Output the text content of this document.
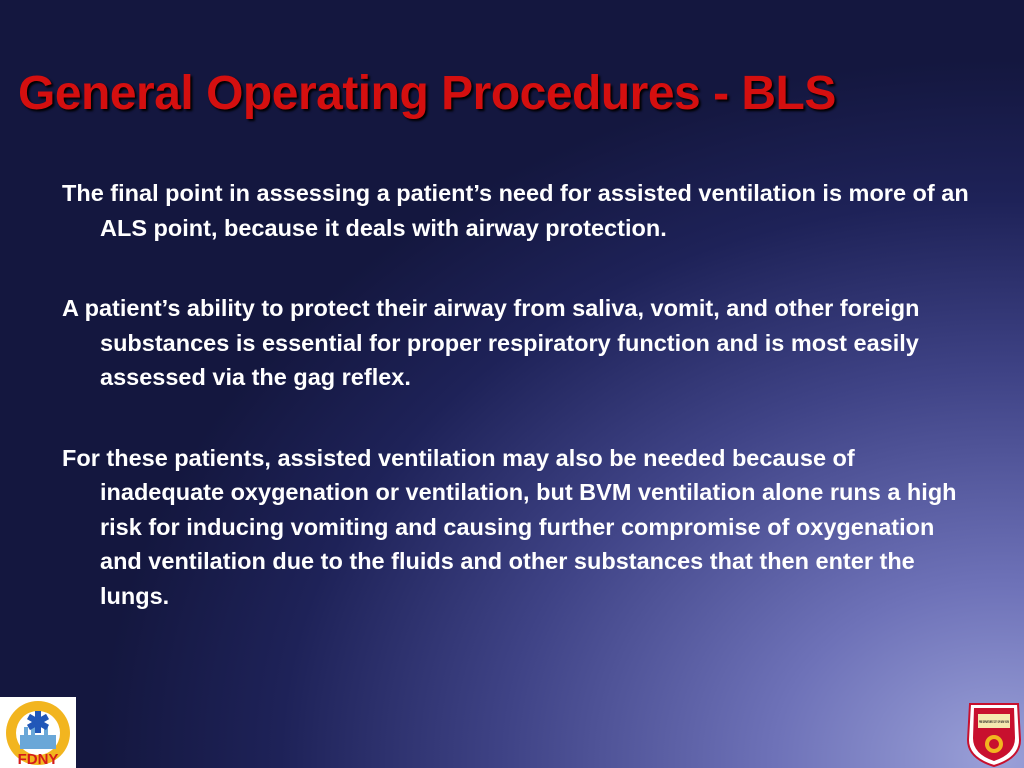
General Operating Procedures - BLS

The final point in assessing a patient’s need for assisted ventilation is more of an ALS point, because it deals with airway protection.

A patient’s ability to protect their airway from saliva, vomit, and other foreign substances is essential for proper respiratory function and is most easily assessed via the gag reflex.

For these patients, assisted ventilation may also be needed because of inadequate oxygenation or ventilation, but BVM ventilation alone runs a high risk for inducing vomiting and causing further compromise of oxygenation and ventilation due to the fluids and other substances that then enter the lungs.

FDNY
FIRE DEPARTMENT CITY OF NEW YORK
